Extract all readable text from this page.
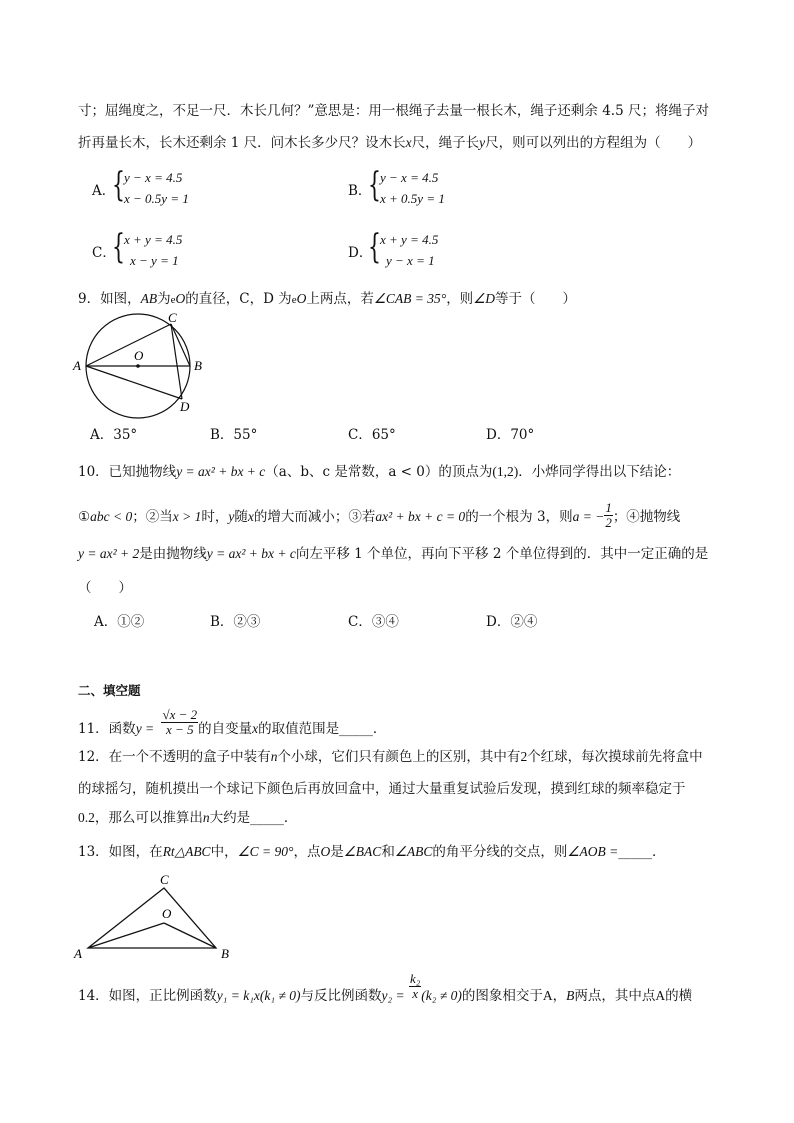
寸；屈绳度之，不足一尺．木长几何？”意思是：用一根绳子去量一根长木，绳子还剩余 4.5 尺；将绳子对
折再量长木，长木还剩余 1 尺．问木长多少尺？设木长x尺，绳子长y尺，则可以列出的方程组为（　　）
A．
{ y − x = 4.5
x − 0.5y = 1	B．
{ y − x = 4.5
x + 0.5y = 1
C．
{ x + y = 4.5
x − y = 1	D．
{ x + y = 4.5
y − x = 1
9．如图，AB为eO的直径，C，D 为eO上两点，若∠CAB = 35°，则∠D等于（　　）
A	B
C
D
O
A．35°	B．55°	C．65°	D．70°
10．已知抛物线y = ax² + bx + c（a、b、c 是常数，a < 0）的顶点为(1,2)．小烨同学得出以下结论：
①abc < 0；②当x > 1时，y随x的增大而减小；③若ax² + bx + c = 0的一个根为 3，则a = − $\frac{1}{2}$ ；④抛物线
y = ax² + 2是由抛物线y = ax² + bx + c向左平移 1 个单位，再向下平移 2 个单位得到的．其中一定正确的是
（　　）
A．①②	B．②③	C．③④	D．②④
二、填空题
11．函数$y = \frac{√x - 2}{x - 5}$ 的自变量x的取值范围是_____．
12．在一个不透明的盒子中装有n个小球，它们只有颜色上的区别，其中有2个红球，每次摸球前先将盒中
的球摇匀，随机摸出一个球记下颜色后再放回盒中，通过大量重复试验后发现，摸到红球的频率稳定于
0.2，那么可以推算出n大约是_____．
13．如图，在Rt△ABC中，∠C = 90°，点O是∠BAC和∠ABC的角平分线的交点，则∠AOB =_____．
A	B
C
O
14．如图，正比例函数y₁ = k₁x(k₁ ≠ 0)与反比例函数$y_2 = \frac{\text{k₂}}{x} (k_2 \ne 0)$的图象相交于A，B两点，其中点A的横
